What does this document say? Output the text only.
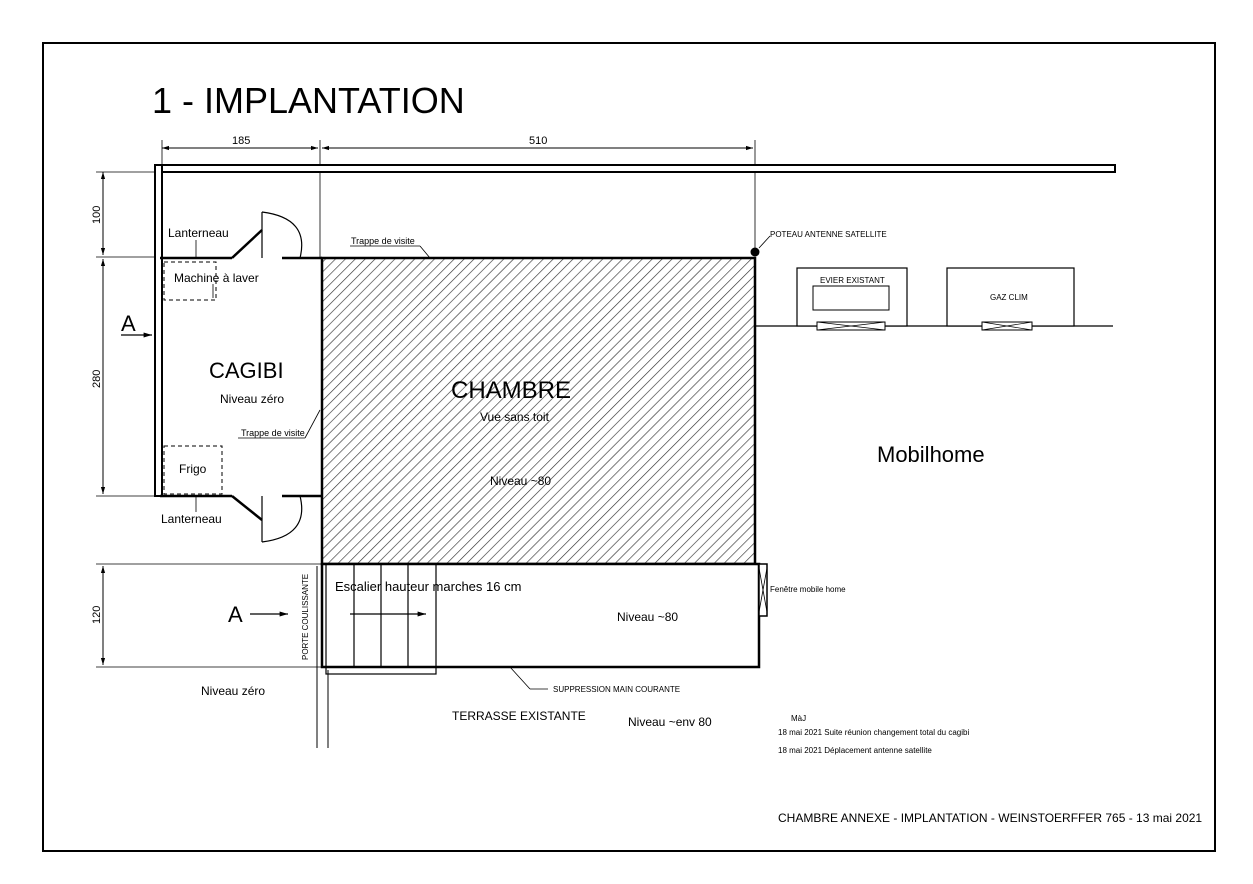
1 - IMPLANTATION
185	510
100
280
120
A
A
Lanterneau
Machine à laver
CAGIBI
Niveau zéro
Trappe de visite
Trappe de visite
Frigo
Lanterneau
CHAMBRE
Vue sans toit
Niveau ~80
POTEAU ANTENNE SATELLITE
EVIER EXISTANT
GAZ CLIM
Mobilhome
Escalier hauteur marches 16 cm
PORTE COULISSANTE	Niveau ~80
Fenêtre mobile home
SUPPRESSION MAIN COURANTE
Niveau zéro
TERRASSE EXISTANTE	Niveau ~env 80	MàJ
18 mai 2021 Suite réunion changement total du cagibi
18 mai 2021 Déplacement antenne satellite
CHAMBRE ANNEXE - IMPLANTATION - WEINSTOERFFER 765 - 13 mai 2021
